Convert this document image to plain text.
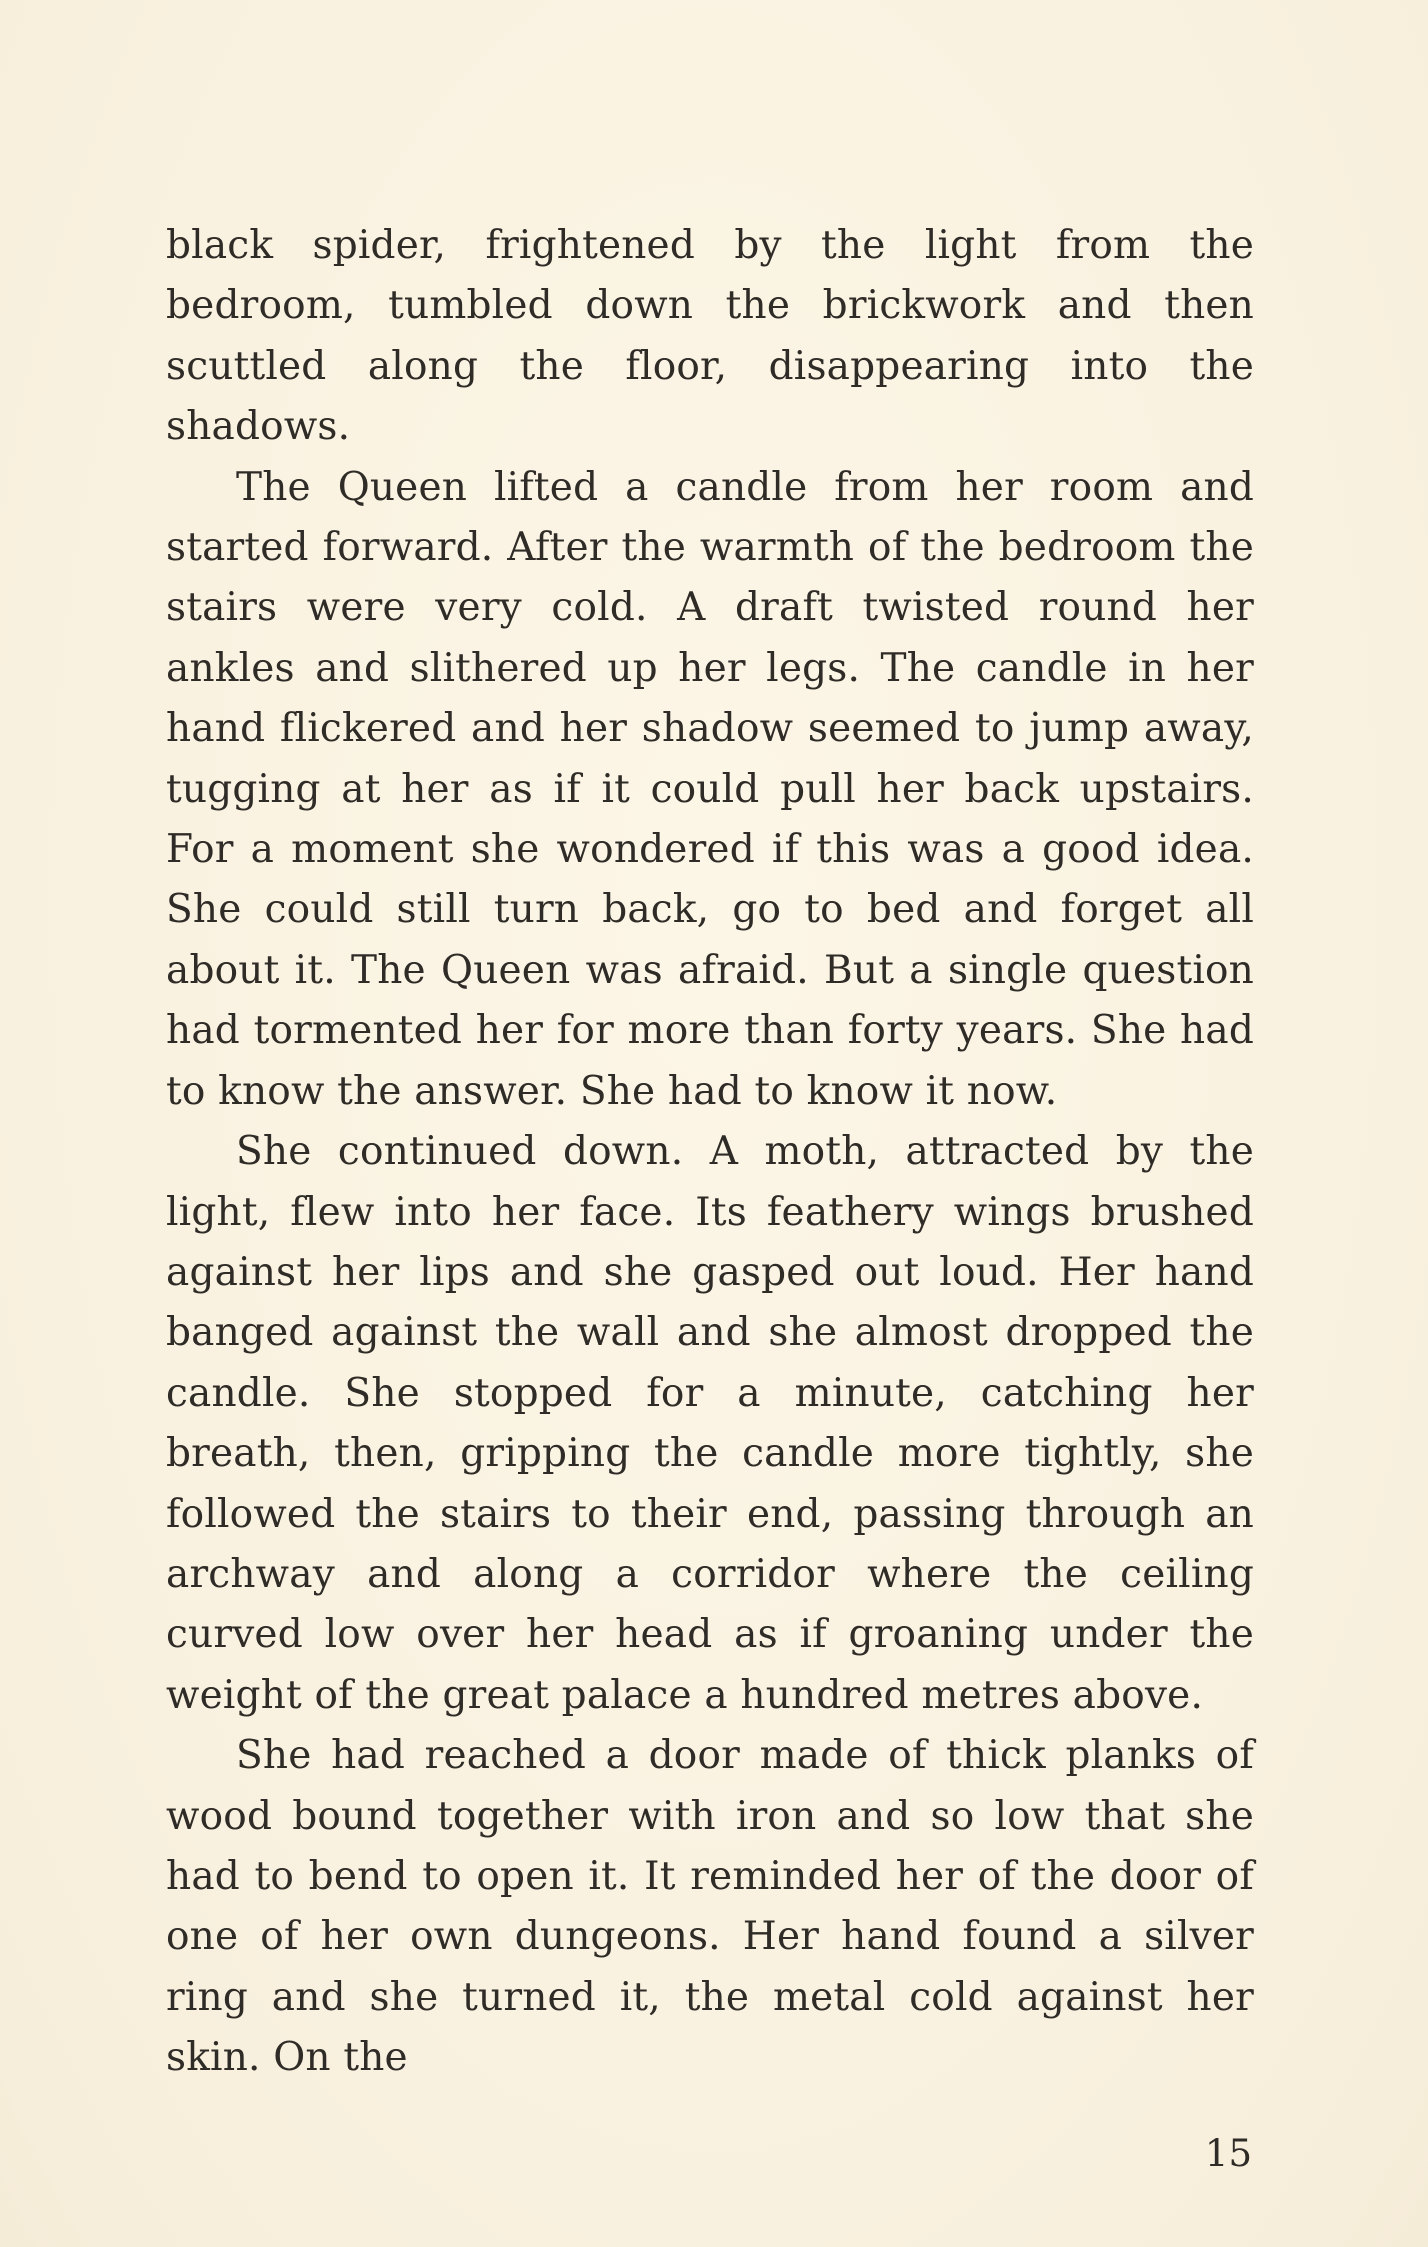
black spider, frightened by the light from the bedroom, tumbled down the brickwork and then scuttled along the floor, disappearing into the shadows.

The Queen lifted a candle from her room and started forward. After the warmth of the bedroom the stairs were very cold. A draft twisted round her ankles and slithered up her legs. The candle in her hand flickered and her shadow seemed to jump away, tugging at her as if it could pull her back upstairs. For a moment she wondered if this was a good idea. She could still turn back, go to bed and forget all about it. The Queen was afraid. But a single question had tormented her for more than forty years. She had to know the answer. She had to know it now.

She continued down. A moth, attracted by the light, flew into her face. Its feathery wings brushed against her lips and she gasped out loud. Her hand banged against the wall and she almost dropped the candle. She stopped for a minute, catching her breath, then, gripping the candle more tightly, she followed the stairs to their end, passing through an archway and along a corridor where the ceiling curved low over her head as if groaning under the weight of the great palace a hundred metres above.

She had reached a door made of thick planks of wood bound together with iron and so low that she had to bend to open it. It reminded her of the door of one of her own dungeons. Her hand found a silver ring and she turned it, the metal cold against her skin. On the

15
